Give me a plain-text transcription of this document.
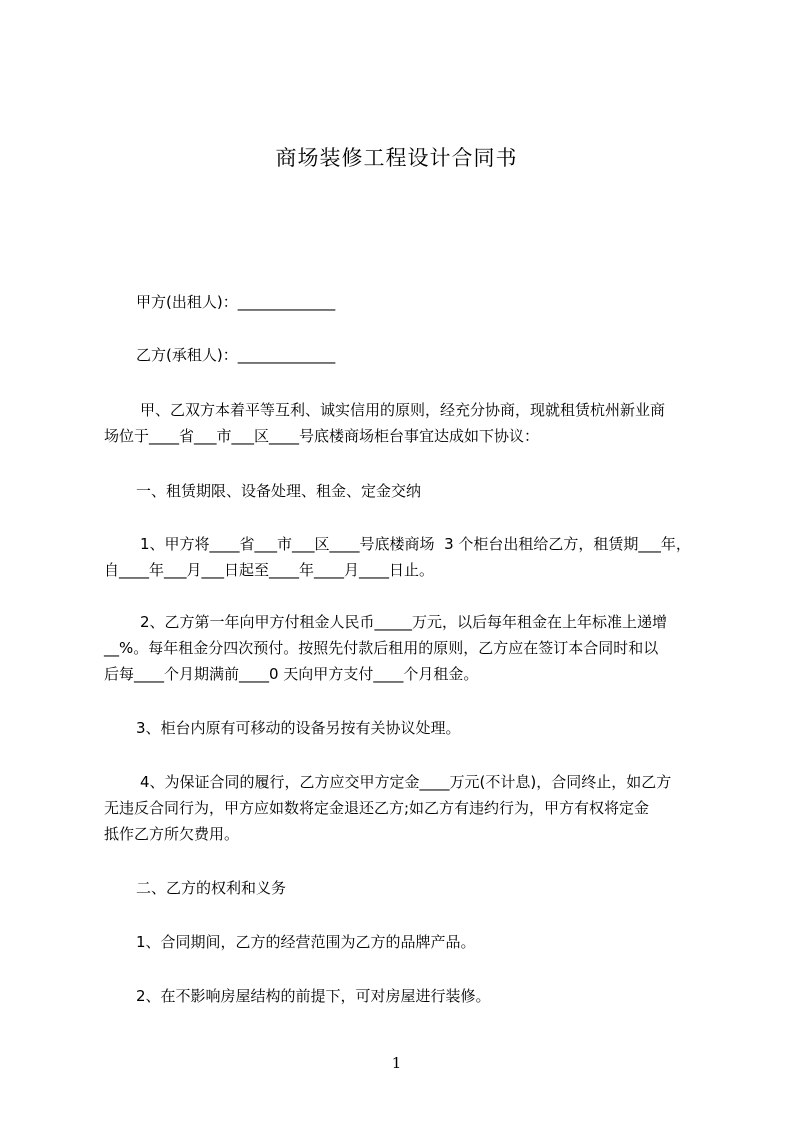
商场装修工程设计合同书
甲方(出租人)：_____________
乙方(承租人)：_____________
甲、乙双方本着平等互利、诚实信用的原则，经充分协商，现就租赁杭州新业商
场位于____省___市___区____号底楼商场柜台事宜达成如下协议：
一、租赁期限、设备处理、租金、定金交纳
1、甲方将____省___市___区____号底楼商场  3 个柜台出租给乙方，租赁期___年，
自____年___月___日起至____年____月____日止。
2、乙方第一年向甲方付租金人民币_____万元，以后每年租金在上年标准上递增
__%。每年租金分四次预付。按照先付款后租用的原则，乙方应在签订本合同时和以
后每____个月期满前____0 天向甲方支付____个月租金。
3、柜台内原有可移动的设备另按有关协议处理。
4、为保证合同的履行，乙方应交甲方定金____万元(不计息)，合同终止，如乙方
无违反合同行为，甲方应如数将定金退还乙方;如乙方有违约行为，甲方有权将定金
抵作乙方所欠费用。
二、乙方的权利和义务
1、合同期间，乙方的经营范围为乙方的品牌产品。
2、在不影响房屋结构的前提下，可对房屋进行装修。
1
